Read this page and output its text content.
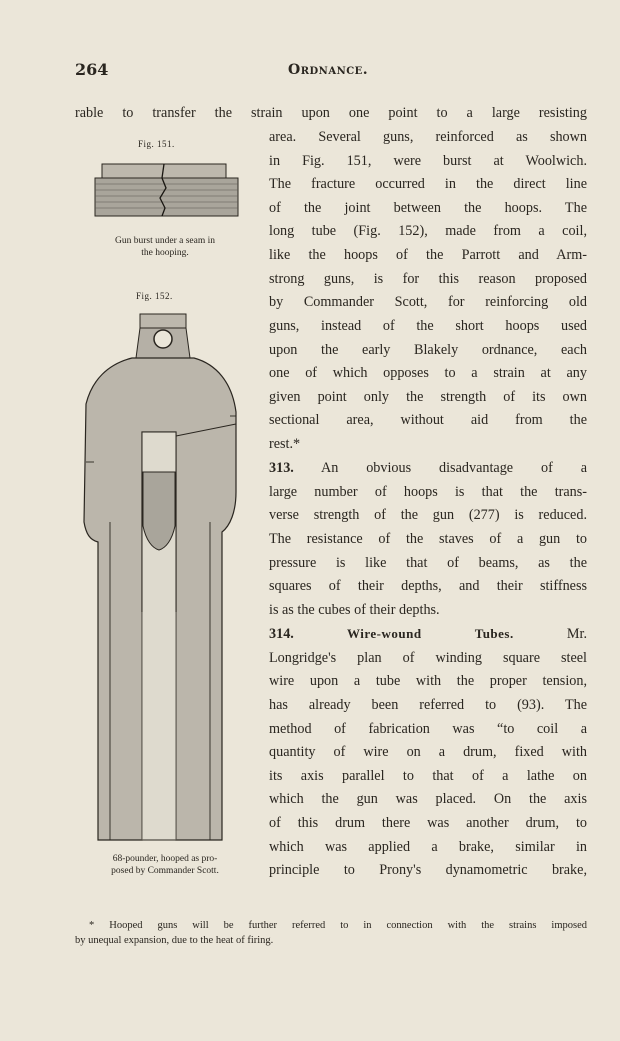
264	Ordnance.
rable to transfer the strain upon one point to a large resisting
Fig. 151.
Gun burst under a seam in
the hooping.
Fig. 152.
68-pounder, hooped as pro-
posed by Commander Scott.
area. Several guns, reinforced as shown
in Fig. 151, were burst at Woolwich.
The fracture occurred in the direct line
of the joint between the hoops. The
long tube (Fig. 152), made from a coil,
like the hoops of the Parrott and Arm-
strong guns, is for this reason proposed
by Commander Scott, for reinforcing old
guns, instead of the short hoops used
upon the early Blakely ordnance, each
one of which opposes to a strain at any
given point only the strength of its own
sectional area, without aid from the
rest.*
313. An obvious disadvantage of a
large number of hoops is that the trans-
verse strength of the gun (277) is reduced.
The resistance of the staves of a gun to
pressure is like that of beams, as the
squares of their depths, and their stiffness
is as the cubes of their depths.
314.	Wire-wound Tubes.	Mr.
Longridge's plan of winding square steel
wire upon a tube with the proper tension,
has already been referred to (93). The
method of fabrication was “to coil a
quantity of wire on a drum, fixed with
its axis parallel to that of a lathe on
which the gun was placed. On the axis
of this drum there was another drum, to
which was applied a brake, similar in
principle to Prony's dynamometric brake,
* Hooped guns will be further referred to in connection with the strains imposed
by unequal expansion, due to the heat of firing.
